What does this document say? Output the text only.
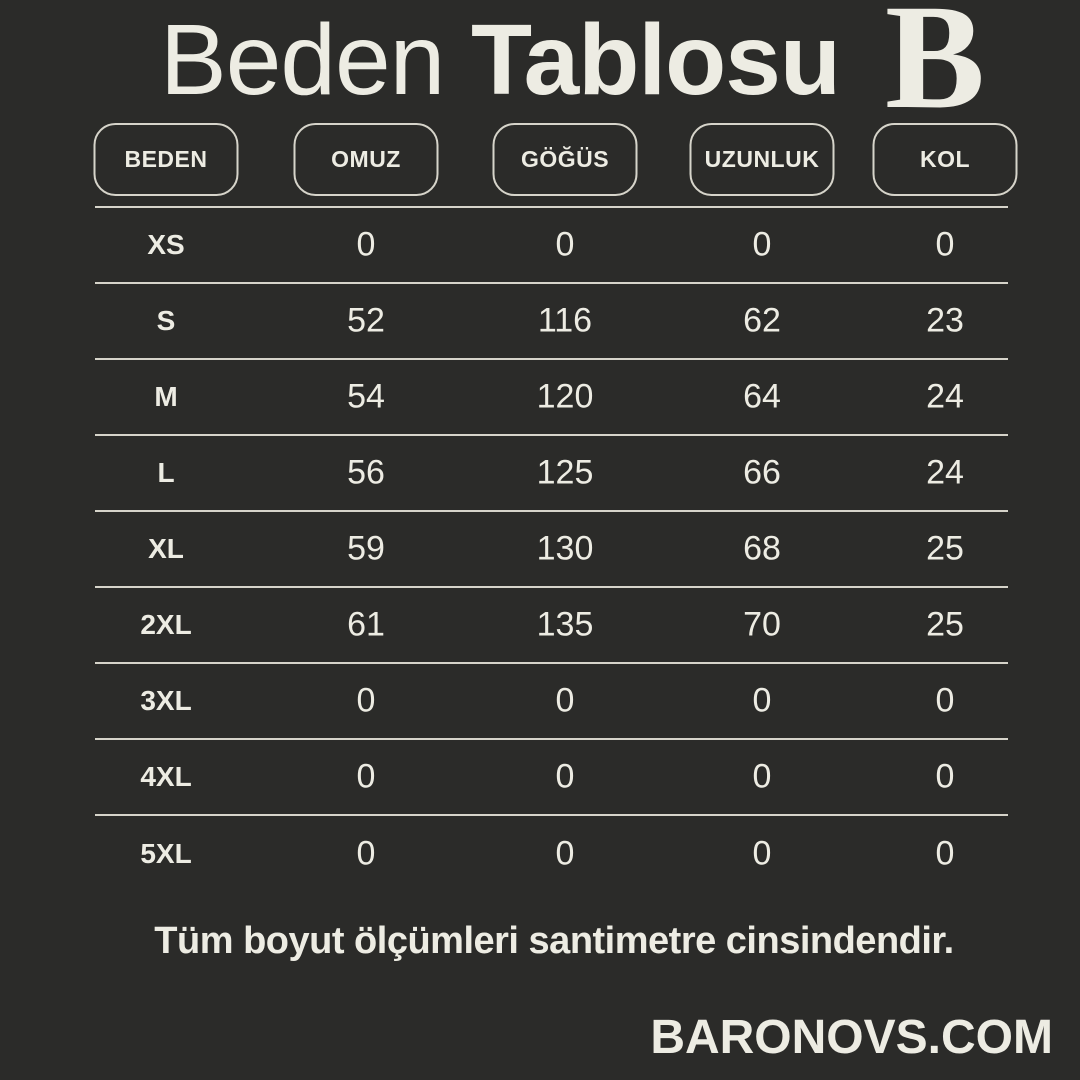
Beden Tablosu B
BEDEN	OMUZ	GÖĞÜS	UZUNLUK	KOL
XS	0	0	0	0
S	52	116	62	23
M	54	120	64	24
L	56	125	66	24
XL	59	130	68	25
2XL	61	135	70	25
3XL	0	0	0	0
4XL	0	0	0	0
5XL	0	0	0	0
Tüm boyut ölçümleri santimetre cinsindendir.
BARONOVS.COM
